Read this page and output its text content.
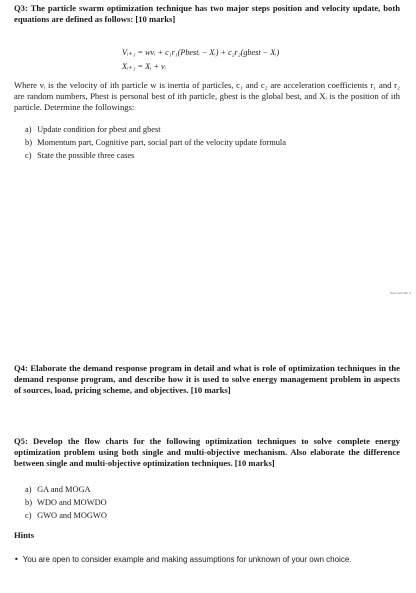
Q3: The particle swarm optimization technique has two major steps position and velocity update, both equations are defined as follows: [10 marks]
Vᵢ₊₁ = wvᵢ + c₁r₁(Pbestᵢ − Xᵢ) + c₂r₂(gbest − Xᵢ)
Xᵢ₊₁ = Xᵢ + vᵢ
Where vᵢ is the velocity of ith particle w is inertia of particles, c₁ and c₂ are acceleration coefficients r₁ and r₂ are random numbers, Pbest is personal best of ith particle, gbest is the global best, and Xᵢ is the position of ith particle. Determine the followings:
a) Update condition for pbest and gbest
b) Momentum part, Cognitive part, social part of the velocity update formula
c) State the possible three cases
Scanned with C
Q4: Elaborate the demand response program in detail and what is role of optimization techniques in the demand response program, and describe how it is used to solve energy management problem in aspects of sources, load, pricing scheme, and objectives. [10 marks]
Q5: Develop the flow charts for the following optimization techniques to solve complete energy optimization problem using both single and multi-objective mechanism. Also elaborate the difference between single and multi-objective optimization techniques. [10 marks]
a) GA and MOGA
b) WDO and MOWDO
c) GWO and MOGWO
Hints
• You are open to consider example and making assumptions for unknown of your own choice.
